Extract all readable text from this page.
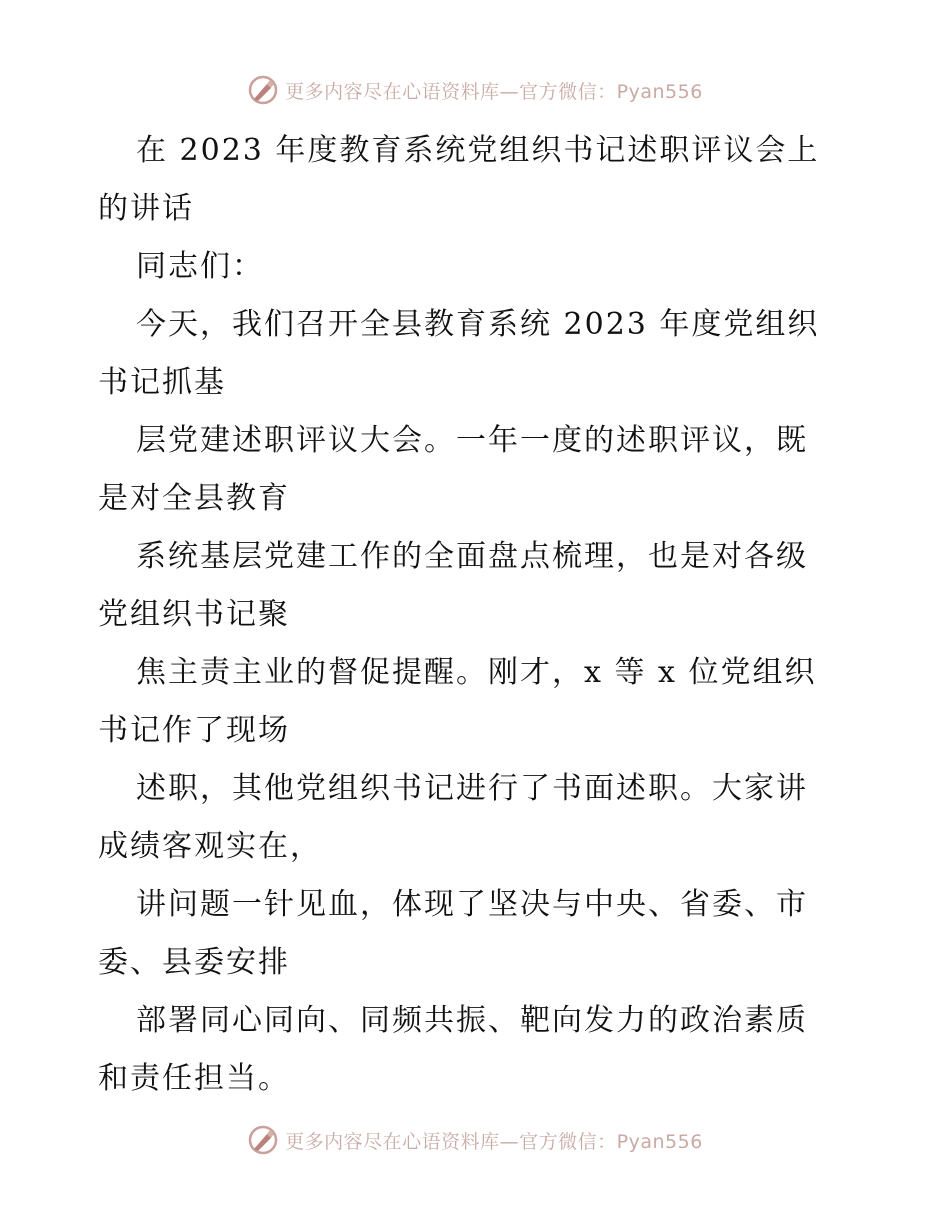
更多内容尽在心语资料库—官方微信：Pyan556
在 2023 年度教育系统党组织书记述职评议会上
的讲话
同志们：
今天，我们召开全县教育系统 2023 年度党组织
书记抓基
层党建述职评议大会。一年一度的述职评议，既
是对全县教育
系统基层党建工作的全面盘点梳理，也是对各级
党组织书记聚
焦主责主业的督促提醒。刚才，x 等 x 位党组织
书记作了现场
述职，其他党组织书记进行了书面述职。大家讲
成绩客观实在，
讲问题一针见血，体现了坚决与中央、省委、市
委、县委安排
部署同心同向、同频共振、靶向发力的政治素质
和责任担当。
更多内容尽在心语资料库—官方微信：Pyan556
